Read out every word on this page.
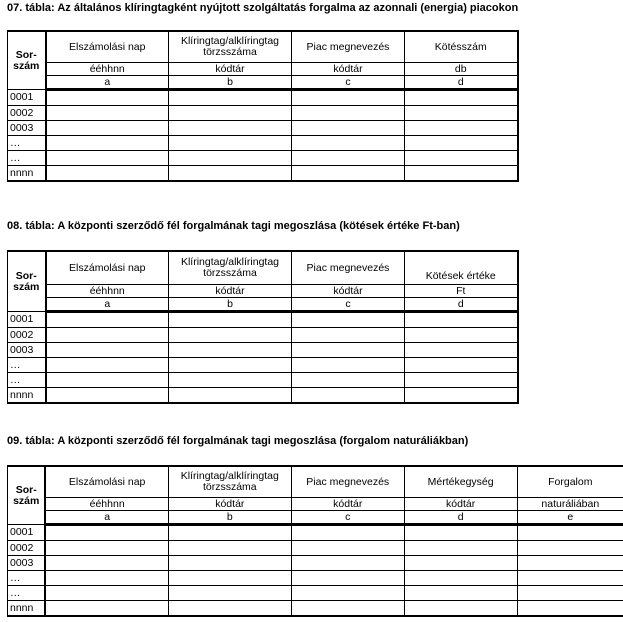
07. tábla: Az általános klíringtagként nyújtott szolgáltatás forgalma az azonnali (energia) piacokon
Sor-
szám	Elszámolási nap	Klíringtag/alklíringtag törzsszáma	Piac megnevezés	Kötésszám
	ééhhnn	kódtár	kódtár	db
	a	b	c	d
0001				
0002				
0003				
…				
…				
nnnn				
08. tábla: A központi szerződő fél forgalmának tagi megoszlása (kötések értéke Ft-ban)
Sor-
szám	Elszámolási nap	Klíringtag/alklíringtag törzsszáma	Piac megnevezés	Kötések értéke
	ééhhnn	kódtár	kódtár	Ft
	a	b	c	d
0001				
0002				
0003				
…				
…				
nnnn				
09. tábla: A központi szerződő fél forgalmának tagi megoszlása (forgalom naturáliákban)
Sor-
szám	Elszámolási nap	Klíringtag/alklíringtag törzsszáma	Piac megnevezés	Mértékegység	Forgalom
	ééhhnn	kódtár	kódtár	kódtár	naturáliában
	a	b	c	d	e
0001					
0002					
0003					
…					
…					
nnnn					
